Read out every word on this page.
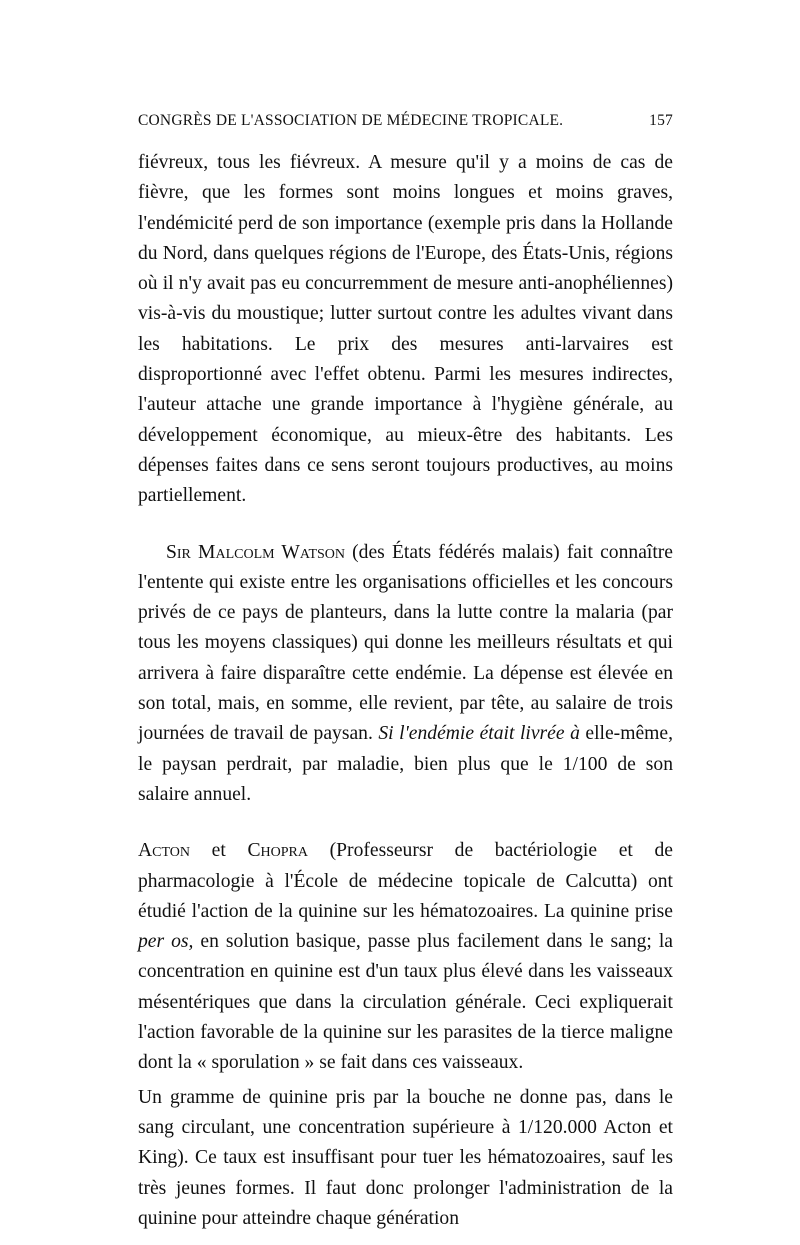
CONGRÈS DE L'ASSOCIATION DE MÉDECINE TROPICALE.	157

fiévreux, tous les fiévreux. A mesure qu'il y a moins de cas de fièvre, que les formes sont moins longues et moins graves, l'endémicité perd de son importance (exemple pris dans la Hollande du Nord, dans quelques régions de l'Europe, des États-Unis, régions où il n'y avait pas eu concurremment de mesure anti-anophéliennes) vis-à-vis du moustique; lutter surtout contre les adultes vivant dans les habitations. Le prix des mesures anti-larvaires est disproportionné avec l'effet obtenu. Parmi les mesures indirectes, l'auteur attache une grande importance à l'hygiène générale, au développement économique, au mieux-être des habitants. Les dépenses faites dans ce sens seront toujours productives, au moins partiellement.

Sir Malcolm Watson (des États fédérés malais) fait connaître l'entente qui existe entre les organisations officielles et les concours privés de ce pays de planteurs, dans la lutte contre la malaria (par tous les moyens classiques) qui donne les meilleurs résultats et qui arrivera à faire disparaître cette endémie. La dépense est élevée en son total, mais, en somme, elle revient, par tête, au salaire de trois journées de travail de paysan. Si l'endémie était livrée à elle-même, le paysan perdrait, par maladie, bien plus que le 1/100 de son salaire annuel.

Acton et Chopra (Professeursr de bactériologie et de pharmacologie à l'École de médecine topicale de Calcutta) ont étudié l'action de la quinine sur les hématozoaires. La quinine prise per os, en solution basique, passe plus facilement dans le sang; la concentration en quinine est d'un taux plus élevé dans les vaisseaux mésentériques que dans la circulation générale. Ceci expliquerait l'action favorable de la quinine sur les parasites de la tierce maligne dont la « sporulation » se fait dans ces vaisseaux.

Un gramme de quinine pris par la bouche ne donne pas, dans le sang circulant, une concentration supérieure à 1/120.000 Acton et King). Ce taux est insuffisant pour tuer les hématozoaires, sauf les très jeunes formes. Il faut donc prolonger l'administration de la quinine pour atteindre chaque génération
